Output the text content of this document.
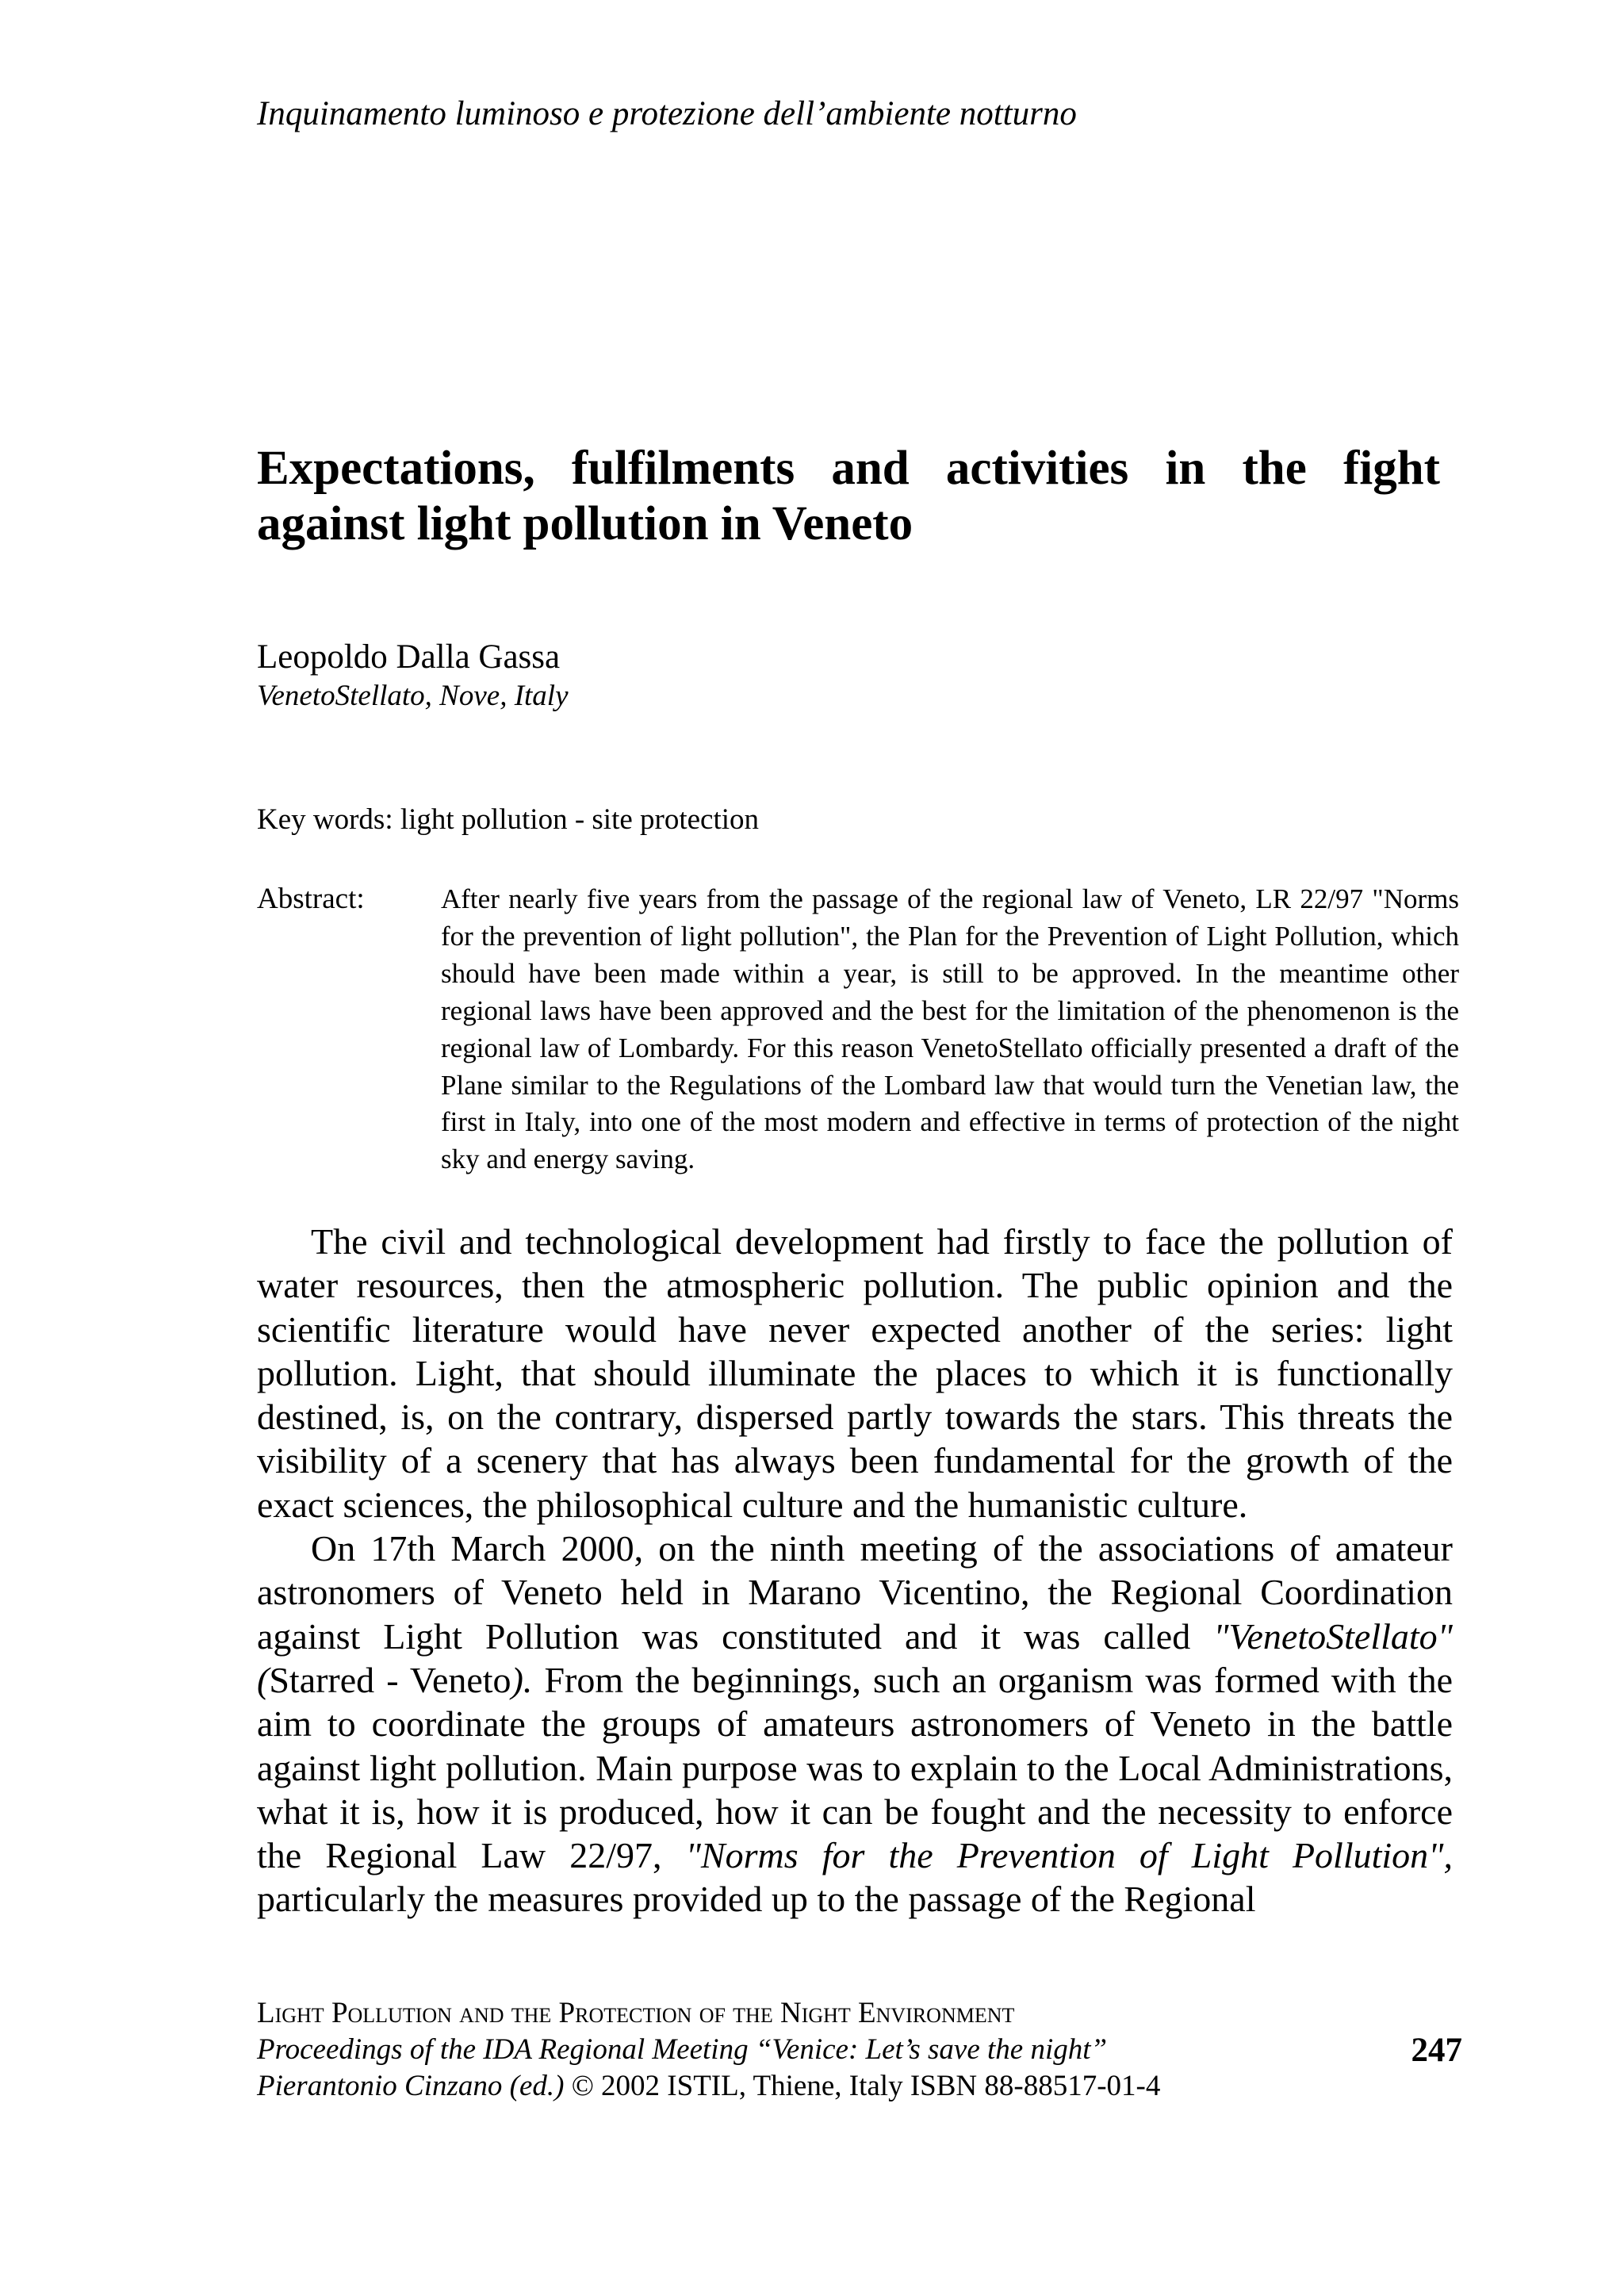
Inquinamento luminoso e protezione dell’ambiente notturno
Expectations, fulfilments and activities in the fight against light pollution in Veneto
Leopoldo Dalla Gassa
VenetoStellato, Nove, Italy
Key words: light pollution - site protection
Abstract:	After nearly five years from the passage of the regional law of Veneto, LR 22/97 "Norms for the prevention of light pollution", the Plan for the Prevention of Light Pollution, which should have been made within a year, is still to be approved. In the meantime other regional laws have been approved and the best for the limitation of the phenomenon is the regional law of Lombardy. For this reason VenetoStellato officially presented a draft of the Plane similar to the Regulations of the Lombard law that would turn the Venetian law, the first in Italy, into one of the most modern and effective in terms of protection of the night sky and energy saving.

The civil and technological development had firstly to face the pollution of water resources, then the atmospheric pollution. The public opinion and the scientific literature would have never expected another of the series: light pollution. Light, that should illuminate the places to which it is functionally destined, is, on the contrary, dispersed partly towards the stars. This threats the visibility of a scenery that has always been fundamental for the growth of the exact sciences, the philosophical culture and the humanistic culture.

On 17th March 2000, on the ninth meeting of the associations of amateur astronomers of Veneto held in Marano Vicentino, the Regional Coordination against Light Pollution was constituted and it was called "VenetoStellato" (Starred - Veneto). From the beginnings, such an organism was formed with the aim to coordinate the groups of amateurs astronomers of Veneto in the battle against light pollution. Main purpose was to explain to the Local Administrations, what it is, how it is produced, how it can be fought and the necessity to enforce the Regional Law 22/97, "Norms for the Prevention of Light Pollution", particularly the measures provided up to the passage of the Regional

Light Pollution and the Protection of the Night Environment
Proceedings of the IDA Regional Meeting “Venice: Let’s save the night”
Pierantonio Cinzano (ed.) © 2002 ISTIL, Thiene, Italy ISBN 88-88517-01-4
247
